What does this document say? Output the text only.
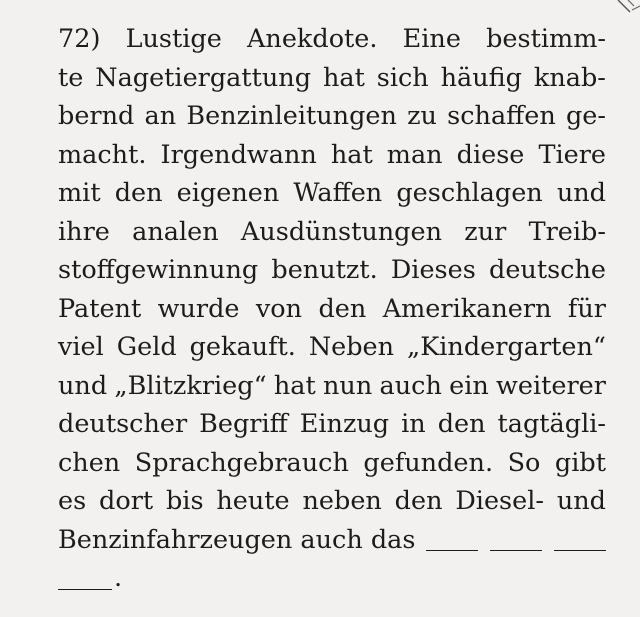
72) Lustige Anekdote. Eine bestimm-
te Nagetiergattung hat sich häufig knab-
bernd an Benzinleitungen zu schaffen ge-
macht. Irgendwann hat man diese Tiere
mit den eigenen Waffen geschlagen und
ihre analen Ausdünstungen zur Treib-
stoffgewinnung benutzt. Dieses deutsche
Patent wurde von den Amerikanern für
viel Geld gekauft. Neben „Kindergarten“
und „Blitzkrieg“ hat nun auch ein weiterer
deutscher Begriff Einzug in den tagtägli-
chen Sprachgebrauch gefunden. So gibt
es dort bis heute neben den Diesel- und
Benzinfahrzeugen auch das
.
